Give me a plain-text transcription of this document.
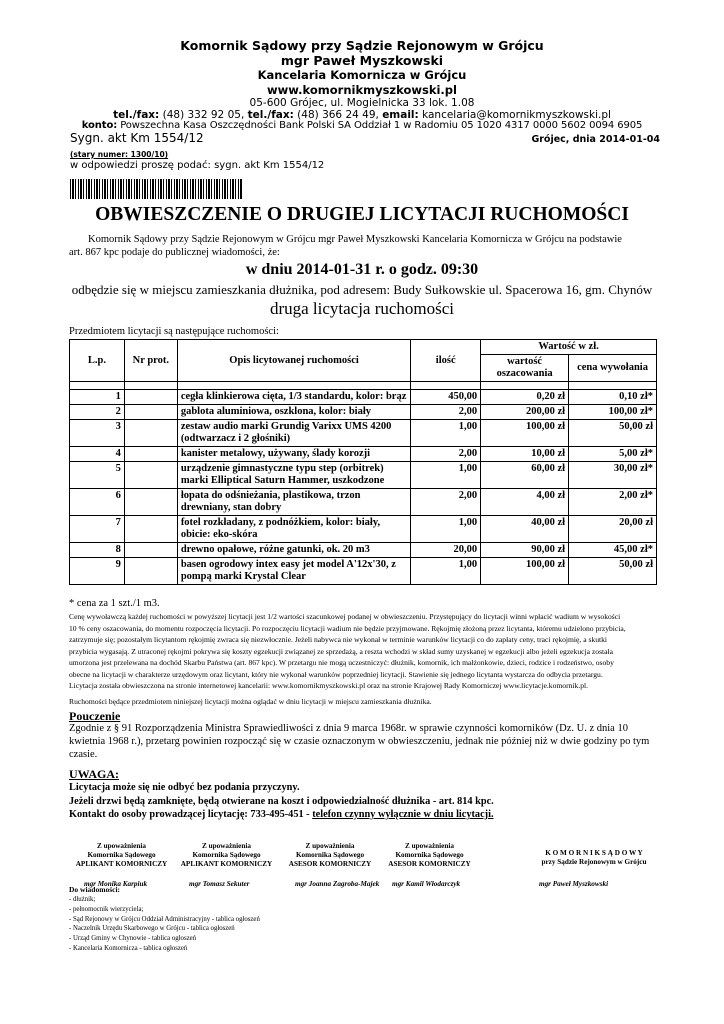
Komornik Sądowy przy Sądzie Rejonowym w Grójcu
mgr Paweł Myszkowski
Kancelaria Komornicza w Grójcu
www.komornikmyszkowski.pl
05-600 Grójec, ul. Mogielnicka 33 lok. 1.08
tel./fax: (48) 332 92 05, tel./fax: (48) 366 24 49, email: kancelaria@komornikmyszkowski.pl
konto: Powszechna Kasa Oszczędności Bank Polski SA Oddział 1 w Radomiu 05 1020 4317 0000 5602 0094 6905
Sygn. akt Km 1554/12	Grójec, dnia 2014-01-04
(stary numer: 1300/10)
w odpowiedzi proszę podać: sygn. akt Km 1554/12
OBWIESZCZENIE O DRUGIEJ LICYTACJI RUCHOMOŚCI
Komornik Sądowy przy Sądzie Rejonowym w Grójcu mgr Paweł Myszkowski Kancelaria Komornicza w Grójcu na podstawie
art. 867 kpc podaje do publicznej wiadomości, że:
w dniu 2014-01-31 r. o godz. 09:30
odbędzie się w miejscu zamieszkania dłużnika, pod adresem: Budy Sułkowskie ul. Spacerowa 16, gm. Chynów
druga licytacja ruchomości
Przedmiotem licytacji są następujące ruchomości:
L.p.	Nr prot.	Opis licytowanej ruchomości	ilość	Wartość w zł.	
				wartość oszacowania	cena wywołania

1		cegła klinkierowa cięta, 1/3 standardu, kolor: brąz	450,00	0,20 zł	0,10 zł*
2		gablota aluminiowa, oszklona, kolor: biały	2,00	200,00 zł	100,00 zł*
3		zestaw audio marki Grundig Varixx UMS 4200 (odtwarzacz i 2 głośniki)	1,00	100,00 zł	50,00 zł
4		kanister metalowy, używany, ślady korozji	2,00	10,00 zł	5,00 zł*
5		urządzenie gimnastyczne typu step (orbitrek) marki Elliptical Saturn Hammer, uszkodzone	1,00	60,00 zł	30,00 zł*
6		łopata do odśnieżania, plastikowa, trzon drewniany, stan dobry	2,00	4,00 zł	2,00 zł*
7		fotel rozkładany, z podnóżkiem, kolor: biały, obicie: eko-skóra	1,00	40,00 zł	20,00 zł
8		drewno opałowe, różne gatunki, ok. 20 m3	20,00	90,00 zł	45,00 zł*
9		basen ogrodowy intex easy jet model A'12x'30, z pompą marki Krystal Clear	1,00	100,00 zł	50,00 zł
* cena za 1 szt./1 m3.
Cenę wywoławczą każdej ruchomości w powyższej licytacji jest 1/2 wartości szacunkowej podanej w obwieszczeniu. Przystępujący do licytacji winni wpłacić wadium w wysokości
10 % ceny oszacowania, do momentu rozpoczęcia licytacji. Po rozpoczęciu licytacji wadium nie będzie przyjmowane. Rękojmię złożoną przez licytanta, któremu udzielono przybicia,
zatrzymuje się; pozostałym licytantom rękojmię zwraca się niezwłocznie. Jeżeli nabywca nie wykonał w terminie warunków licytacji co do zapłaty ceny, traci rękojmię, a skutki
przybicia wygasają. Z utraconej rękojmi pokrywa się koszty egzekucji związanej ze sprzedażą, a reszta wchodzi w skład sumy uzyskanej w egzekucji albo jeżeli egzekucja została
umorzona jest przelewana na dochód Skarbu Państwa (art. 867 kpc). W przetargu nie mogą uczestniczyć: dłużnik, komornik, ich małżonkowie, dzieci, rodzice i rodzeństwo, osoby
obecne na licytacji w charakterze urzędowym oraz licytant, który nie wykonał warunków poprzedniej licytacji. Stawienie się jednego licytanta wystarcza do odbycia przetargu.
Licytacja została obwieszczona na stronie internetowej kancelarii: www.komornikmyszkowski.pl oraz na stronie Krajowej Rady Komorniczej www.licytacje.komornik.pl.
Ruchomości będące przedmiotem niniejszej licytacji można oglądać w dniu licytacji w miejscu zamieszkania dłużnika.
Pouczenie
Zgodnie z § 91 Rozporządzenia Ministra Sprawiedliwości z dnia 9 marca 1968r. w sprawie czynności komorników (Dz. U. z dnia 10
kwietnia 1968 r.), przetarg powinien rozpocząć się w czasie oznaczonym w obwieszczeniu, jednak nie później niż w dwie godziny po tym
czasie.
UWAGA:
Licytacja może się nie odbyć bez podania przyczyny.
Jeżeli drzwi będą zamknięte, będą otwierane na koszt i odpowiedzialność dłużnika - art. 814 kpc.
Kontakt do osoby prowadzącej licytację: 733-495-451 - telefon czynny wyłącznie w dniu licytacji.
Z upoważnienia
Komornika Sądowego
APLIKANT KOMORNICZY
mgr Monika Karpiuk
Z upoważnienia
Komornika Sądowego
APLIKANT KOMORNICZY
mgr Tomasz Sekuter
Z upoważnienia
Komornika Sądowego
ASESOR KOMORNICZY
mgr Joanna Zagroba-Majek
Z upoważnienia
Komornika Sądowego
ASESOR KOMORNICZY
mgr Kamil Włodarczyk
K O M O R N I K S Ą D O W Y
przy Sądzie Rejonowym w Grójcu
mgr Paweł Myszkowski
Do wiadomości:
- dłużnik;
- pełnomocnik wierzyciela;
- Sąd Rejonowy w Grójcu Oddział Administracyjny - tablica ogłoszeń
- Naczelnik Urzędu Skarbowego w Grójcu - tablica ogłoszeń
- Urząd Gminy w Chynowie - tablica ogłoszeń
- Kancelaria Komornicza - tablica ogłoszeń
